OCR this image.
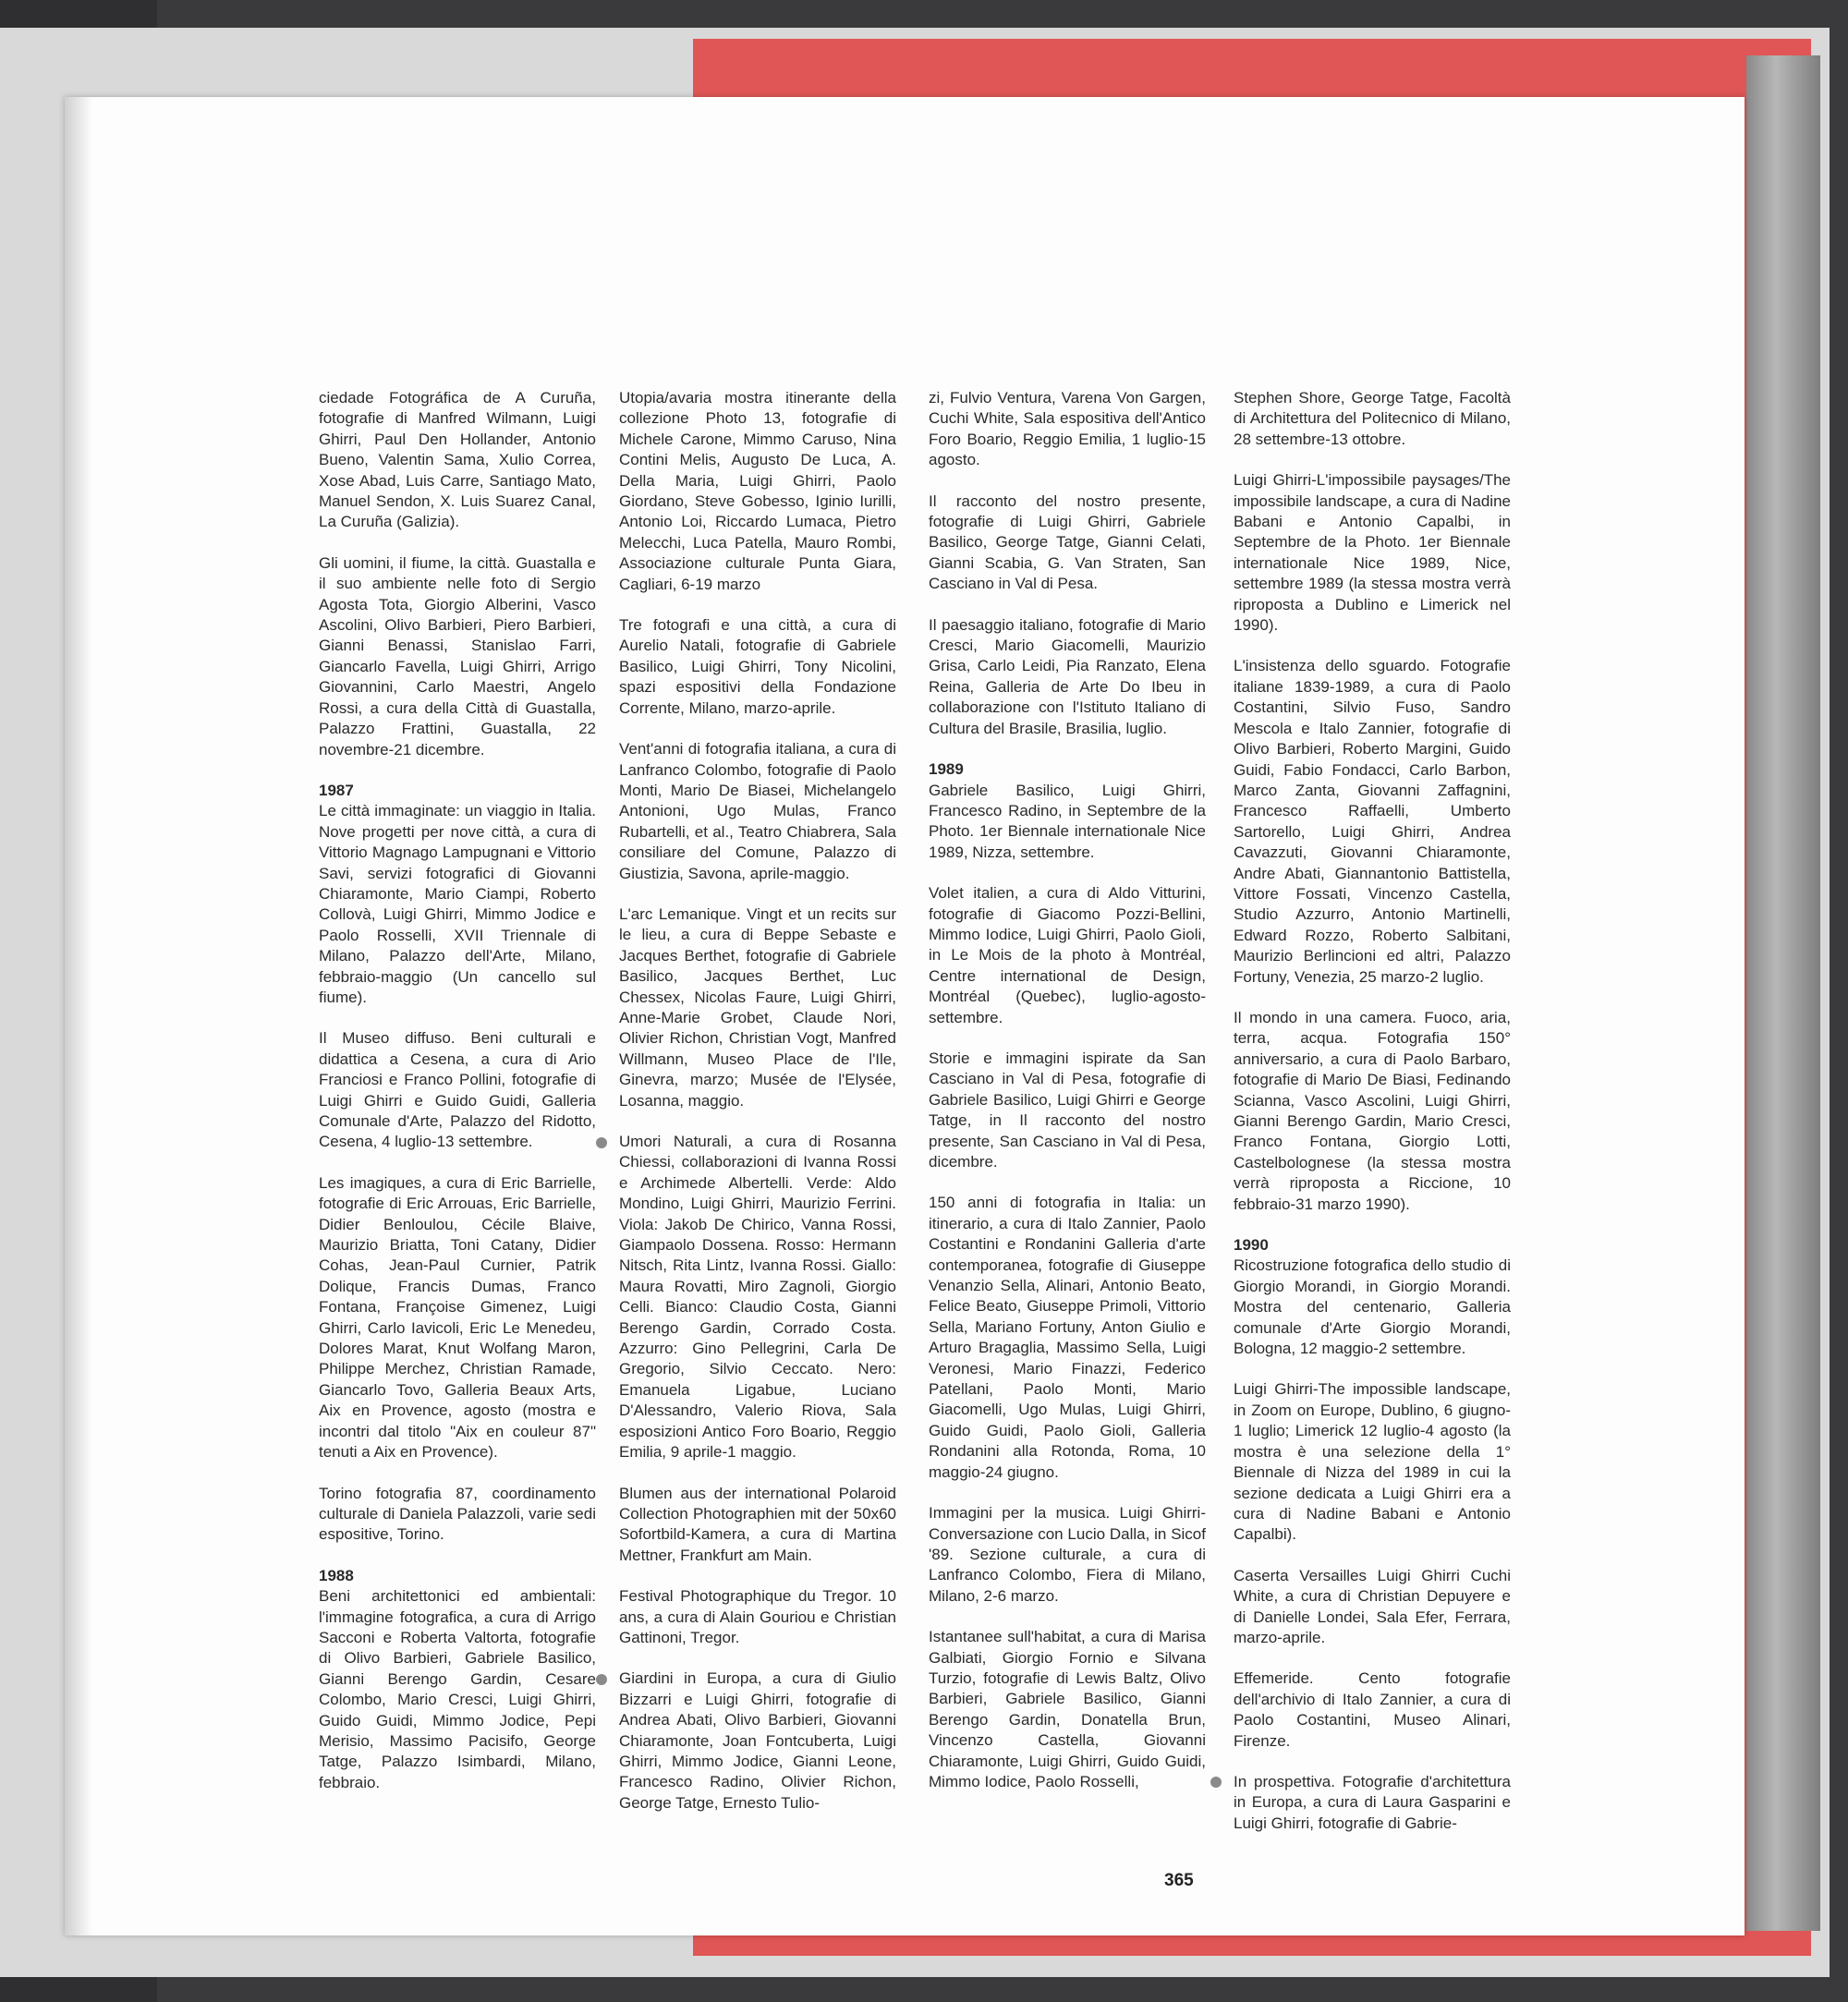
ciedade Fotográfica de A Curuña, fotografie di Manfred Wilmann, Luigi Ghirri, Paul Den Hollander, Antonio Bueno, Valentin Sama, Xulio Correa, Xose Abad, Luis Carre, Santiago Mato, Manuel Sendon, X. Luis Suarez Canal, La Curuña (Galizia).

Gli uomini, il fiume, la città. Guastalla e il suo ambiente nelle foto di Sergio Agosta Tota, Giorgio Alberini, Vasco Ascolini, Olivo Barbieri, Piero Barbieri, Gianni Benassi, Stanislao Farri, Giancarlo Favella, Luigi Ghirri, Arrigo Giovannini, Carlo Maestri, Angelo Rossi, a cura della Città di Guastalla, Palazzo Frattini, Guastalla, 22 novembre-21 dicembre.

1987

Le città immaginate: un viaggio in Italia. Nove progetti per nove città, a cura di Vittorio Magnago Lampugnani e Vittorio Savi, servizi fotografici di Giovanni Chiaramonte, Mario Ciampi, Roberto Collovà, Luigi Ghirri, Mimmo Jodice e Paolo Rosselli, XVII Triennale di Milano, Palazzo dell'Arte, Milano, febbraio-maggio (Un cancello sul fiume).

Il Museo diffuso. Beni culturali e didattica a Cesena, a cura di Ario Franciosi e Franco Pollini, fotografie di Luigi Ghirri e Guido Guidi, Galleria Comunale d'Arte, Palazzo del Ridotto, Cesena, 4 luglio-13 settembre.

Les imagiques, a cura di Eric Barrielle, fotografie di Eric Arrouas, Eric Barrielle, Didier Benloulou, Cécile Blaive, Maurizio Briatta, Toni Catany, Didier Cohas, Jean-Paul Curnier, Patrik Dolique, Francis Dumas, Franco Fontana, Françoise Gimenez, Luigi Ghirri, Carlo Iavicoli, Eric Le Menedeu, Dolores Marat, Knut Wolfang Maron, Philippe Merchez, Christian Ramade, Giancarlo Tovo, Galleria Beaux Arts, Aix en Provence, agosto (mostra e incontri dal titolo "Aix en couleur 87" tenuti a Aix en Provence).

Torino fotografia 87, coordinamento culturale di Daniela Palazzoli, varie sedi espositive, Torino.

1988

Beni architettonici ed ambientali: l'immagine fotografica, a cura di Arrigo Sacconi e Roberta Valtorta, fotografie di Olivo Barbieri, Gabriele Basilico, Gianni Berengo Gardin, Cesare Colombo, Mario Cresci, Luigi Ghirri, Guido Guidi, Mimmo Jodice, Pepi Merisio, Massimo Pacisifo, George Tatge, Palazzo Isimbardi, Milano, febbraio.

Utopia/avaria mostra itinerante della collezione Photo 13, fotografie di Michele Carone, Mimmo Caruso, Nina Contini Melis, Augusto De Luca, A. Della Maria, Luigi Ghirri, Paolo Giordano, Steve Gobesso, Iginio Iurilli, Antonio Loi, Riccardo Lumaca, Pietro Melecchi, Luca Patella, Mauro Rombi, Associazione culturale Punta Giara, Cagliari, 6-19 marzo

Tre fotografi e una città, a cura di Aurelio Natali, fotografie di Gabriele Basilico, Luigi Ghirri, Tony Nicolini, spazi espositivi della Fondazione Corrente, Milano, marzo-aprile.

Vent'anni di fotografia italiana, a cura di Lanfranco Colombo, fotografie di Paolo Monti, Mario De Biasei, Michelangelo Antonioni, Ugo Mulas, Franco Rubartelli, et al., Teatro Chiabrera, Sala consiliare del Comune, Palazzo di Giustizia, Savona, aprile-maggio.

L'arc Lemanique. Vingt et un recits sur le lieu, a cura di Beppe Sebaste e Jacques Berthet, fotografie di Gabriele Basilico, Jacques Berthet, Luc Chessex, Nicolas Faure, Luigi Ghirri, Anne-Marie Grobet, Claude Nori, Olivier Richon, Christian Vogt, Manfred Willmann, Museo Place de l'Ile, Ginevra, marzo; Musée de l'Elysée, Losanna, maggio.

Umori Naturali, a cura di Rosanna Chiessi, collaborazioni di Ivanna Rossi e Archimede Albertelli. Verde: Aldo Mondino, Luigi Ghirri, Maurizio Ferrini. Viola: Jakob De Chirico, Vanna Rossi, Giampaolo Dossena. Rosso: Hermann Nitsch, Rita Lintz, Ivanna Rossi. Giallo: Maura Rovatti, Miro Zagnoli, Giorgio Celli. Bianco: Claudio Costa, Gianni Berengo Gardin, Corrado Costa. Azzurro: Gino Pellegrini, Carla De Gregorio, Silvio Ceccato. Nero: Emanuela Ligabue, Luciano D'Alessandro, Valerio Riova, Sala esposizioni Antico Foro Boario, Reggio Emilia, 9 aprile-1 maggio.

Blumen aus der international Polaroid Collection Photographien mit der 50x60 Sofortbild-Kamera, a cura di Martina Mettner, Frankfurt am Main.

Festival Photographique du Tregor. 10 ans, a cura di Alain Gouriou e Christian Gattinoni, Tregor.

Giardini in Europa, a cura di Giulio Bizzarri e Luigi Ghirri, fotografie di Andrea Abati, Olivo Barbieri, Giovanni Chiaramonte, Joan Fontcuberta, Luigi Ghirri, Mimmo Jodice, Gianni Leone, Francesco Radino, Olivier Richon, George Tatge, Ernesto Tulio-

zi, Fulvio Ventura, Varena Von Gargen, Cuchi White, Sala espositiva dell'Antico Foro Boario, Reggio Emilia, 1 luglio-15 agosto.

Il racconto del nostro presente, fotografie di Luigi Ghirri, Gabriele Basilico, George Tatge, Gianni Celati, Gianni Scabia, G. Van Straten, San Casciano in Val di Pesa.

Il paesaggio italiano, fotografie di Mario Cresci, Mario Giacomelli, Maurizio Grisa, Carlo Leidi, Pia Ranzato, Elena Reina, Galleria de Arte Do Ibeu in collaborazione con l'Istituto Italiano di Cultura del Brasile, Brasilia, luglio.

1989

Gabriele Basilico, Luigi Ghirri, Francesco Radino, in Septembre de la Photo. 1er Biennale internationale Nice 1989, Nizza, settembre.

Volet italien, a cura di Aldo Vitturini, fotografie di Giacomo Pozzi-Bellini, Mimmo Iodice, Luigi Ghirri, Paolo Gioli, in Le Mois de la photo à Montréal, Centre international de Design, Montréal (Quebec), luglio-agosto-settembre.

Storie e immagini ispirate da San Casciano in Val di Pesa, fotografie di Gabriele Basilico, Luigi Ghirri e George Tatge, in Il racconto del nostro presente, San Casciano in Val di Pesa, dicembre.

150 anni di fotografia in Italia: un itinerario, a cura di Italo Zannier, Paolo Costantini e Rondanini Galleria d'arte contemporanea, fotografie di Giuseppe Venanzio Sella, Alinari, Antonio Beato, Felice Beato, Giuseppe Primoli, Vittorio Sella, Mariano Fortuny, Anton Giulio e Arturo Bragaglia, Massimo Sella, Luigi Veronesi, Mario Finazzi, Federico Patellani, Paolo Monti, Mario Giacomelli, Ugo Mulas, Luigi Ghirri, Guido Guidi, Paolo Gioli, Galleria Rondanini alla Rotonda, Roma, 10 maggio-24 giugno.

Immagini per la musica. Luigi Ghirri-Conversazione con Lucio Dalla, in Sicof '89. Sezione culturale, a cura di Lanfranco Colombo, Fiera di Milano, Milano, 2-6 marzo.

Istantanee sull'habitat, a cura di Marisa Galbiati, Giorgio Fornio e Silvana Turzio, fotografie di Lewis Baltz, Olivo Barbieri, Gabriele Basilico, Gianni Berengo Gardin, Donatella Brun, Vincenzo Castella, Giovanni Chiaramonte, Luigi Ghirri, Guido Guidi, Mimmo Iodice, Paolo Rosselli,

Stephen Shore, George Tatge, Facoltà di Architettura del Politecnico di Milano, 28 settembre-13 ottobre.

Luigi Ghirri-L'impossibile paysages/The impossibile landscape, a cura di Nadine Babani e Antonio Capalbi, in Septembre de la Photo. 1er Biennale internationale Nice 1989, Nice, settembre 1989 (la stessa mostra verrà riproposta a Dublino e Limerick nel 1990).

L'insistenza dello sguardo. Fotografie italiane 1839-1989, a cura di Paolo Costantini, Silvio Fuso, Sandro Mescola e Italo Zannier, fotografie di Olivo Barbieri, Roberto Margini, Guido Guidi, Fabio Fondacci, Carlo Barbon, Marco Zanta, Giovanni Zaffagnini, Francesco Raffaelli, Umberto Sartorello, Luigi Ghirri, Andrea Cavazzuti, Giovanni Chiaramonte, Andre Abati, Giannantonio Battistella, Vittore Fossati, Vincenzo Castella, Studio Azzurro, Antonio Martinelli, Edward Rozzo, Roberto Salbitani, Maurizio Berlincioni ed altri, Palazzo Fortuny, Venezia, 25 marzo-2 luglio.

Il mondo in una camera. Fuoco, aria, terra, acqua. Fotografia 150° anniversario, a cura di Paolo Barbaro, fotografie di Mario De Biasi, Fedinando Scianna, Vasco Ascolini, Luigi Ghirri, Gianni Berengo Gardin, Mario Cresci, Franco Fontana, Giorgio Lotti, Castelbolognese (la stessa mostra verrà riproposta a Riccione, 10 febbraio-31 marzo 1990).

1990

Ricostruzione fotografica dello studio di Giorgio Morandi, in Giorgio Morandi. Mostra del centenario, Galleria comunale d'Arte Giorgio Morandi, Bologna, 12 maggio-2 settembre.

Luigi Ghirri-The impossible landscape, in Zoom on Europe, Dublino, 6 giugno-1 luglio; Limerick 12 luglio-4 agosto (la mostra è una selezione della 1° Biennale di Nizza del 1989 in cui la sezione dedicata a Luigi Ghirri era a cura di Nadine Babani e Antonio Capalbi).

Caserta Versailles Luigi Ghirri Cuchi White, a cura di Christian Depuyere e di Danielle Londei, Sala Efer, Ferrara, marzo-aprile.

Effemeride. Cento fotografie dell'archivio di Italo Zannier, a cura di Paolo Costantini, Museo Alinari, Firenze.

In prospettiva. Fotografie d'architettura in Europa, a cura di Laura Gasparini e Luigi Ghirri, fotografie di Gabrie-

365
